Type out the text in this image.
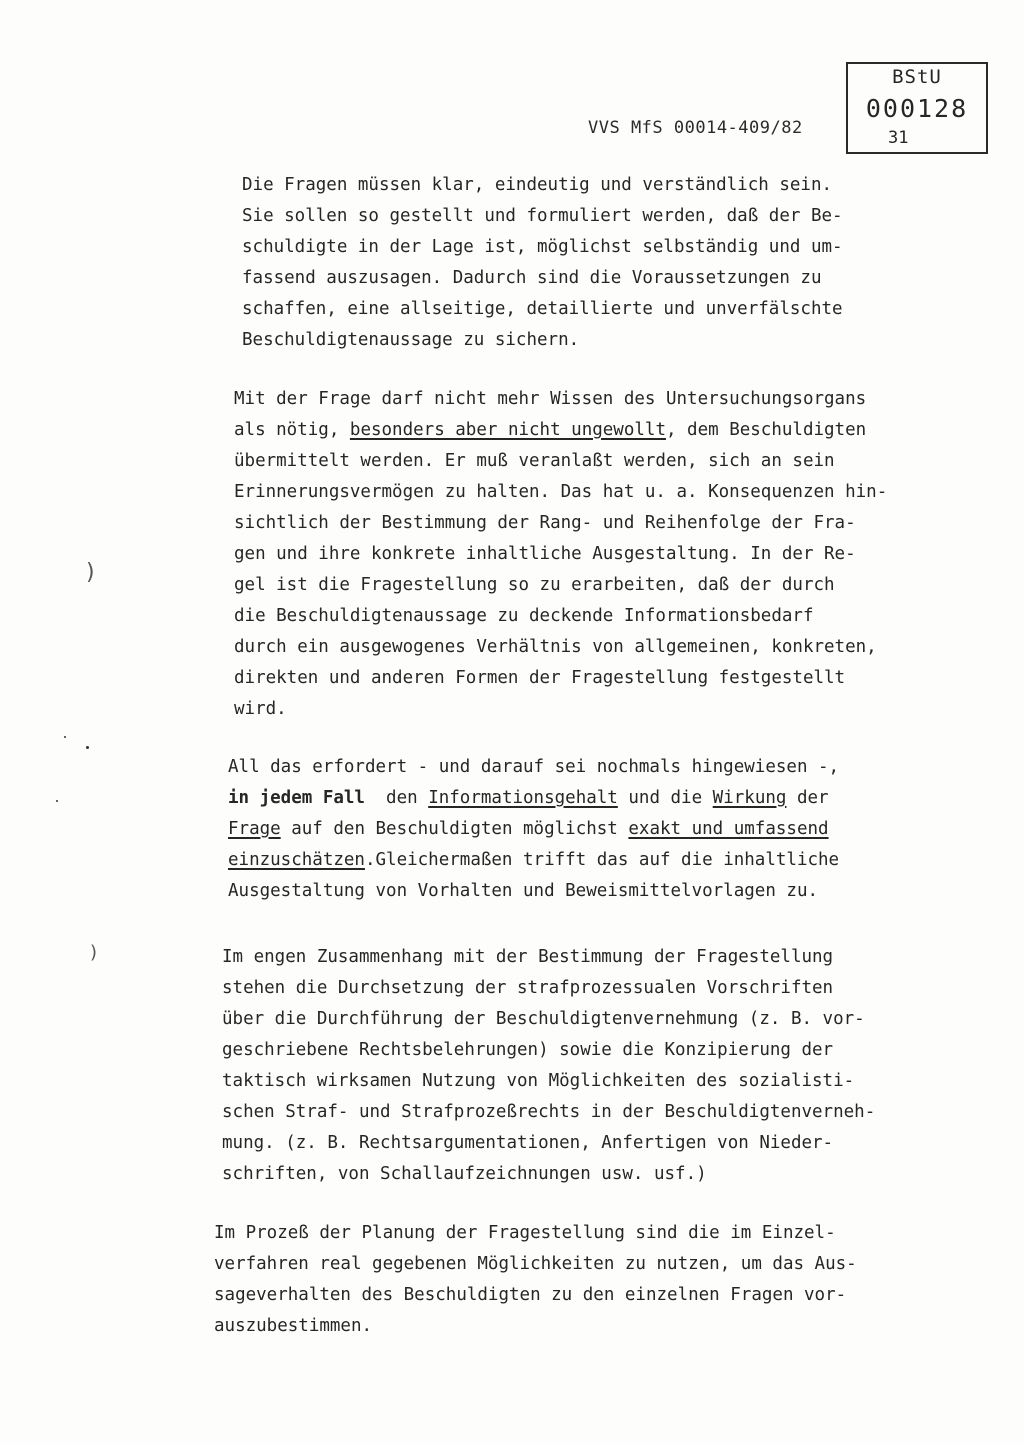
BStU
000128
31
VVS MfS 00014-409/82
Die Fragen müssen klar, eindeutig und verständlich sein.
Sie sollen so gestellt und formuliert werden, daß der Be-
schuldigte in der Lage ist, möglichst selbständig und um-
fassend auszusagen. Dadurch sind die Voraussetzungen zu
schaffen, eine allseitige, detaillierte und unverfälschte
Beschuldigtenaussage zu sichern.
Mit der Frage darf nicht mehr Wissen des Untersuchungsorgans
als nötig, besonders aber nicht ungewollt, dem Beschuldigten
übermittelt werden. Er muß veranlaßt werden, sich an sein
Erinnerungsvermögen zu halten. Das hat u. a. Konsequenzen hin-
sichtlich der Bestimmung der Rang- und Reihenfolge der Fra-
gen und ihre konkrete inhaltliche Ausgestaltung. In der Re-
gel ist die Fragestellung so zu erarbeiten, daß der durch
die Beschuldigtenaussage zu deckende Informationsbedarf
durch ein ausgewogenes Verhältnis von allgemeinen, konkreten,
direkten und anderen Formen der Fragestellung festgestellt
wird.
All das erfordert - und darauf sei nochmals hingewiesen -,
in jedem Fall  den Informationsgehalt und die Wirkung der
Frage auf den Beschuldigten möglichst exakt und umfassend
einzuschätzen.Gleichermaßen trifft das auf die inhaltliche
Ausgestaltung von Vorhalten und Beweismittelvorlagen zu.
Im engen Zusammenhang mit der Bestimmung der Fragestellung
stehen die Durchsetzung der strafprozessualen Vorschriften
über die Durchführung der Beschuldigtenvernehmung (z. B. vor-
geschriebene Rechtsbelehrungen) sowie die Konzipierung der
taktisch wirksamen Nutzung von Möglichkeiten des sozialisti-
schen Straf- und Strafprozeßrechts in der Beschuldigtenverneh-
mung. (z. B. Rechtsargumentationen, Anfertigen von Nieder-
schriften, von Schallaufzeichnungen usw. usf.)
Im Prozeß der Planung der Fragestellung sind die im Einzel-
verfahren real gegebenen Möglichkeiten zu nutzen, um das Aus-
sageverhalten des Beschuldigten zu den einzelnen Fragen vor-
auszubestimmen.
)
)
